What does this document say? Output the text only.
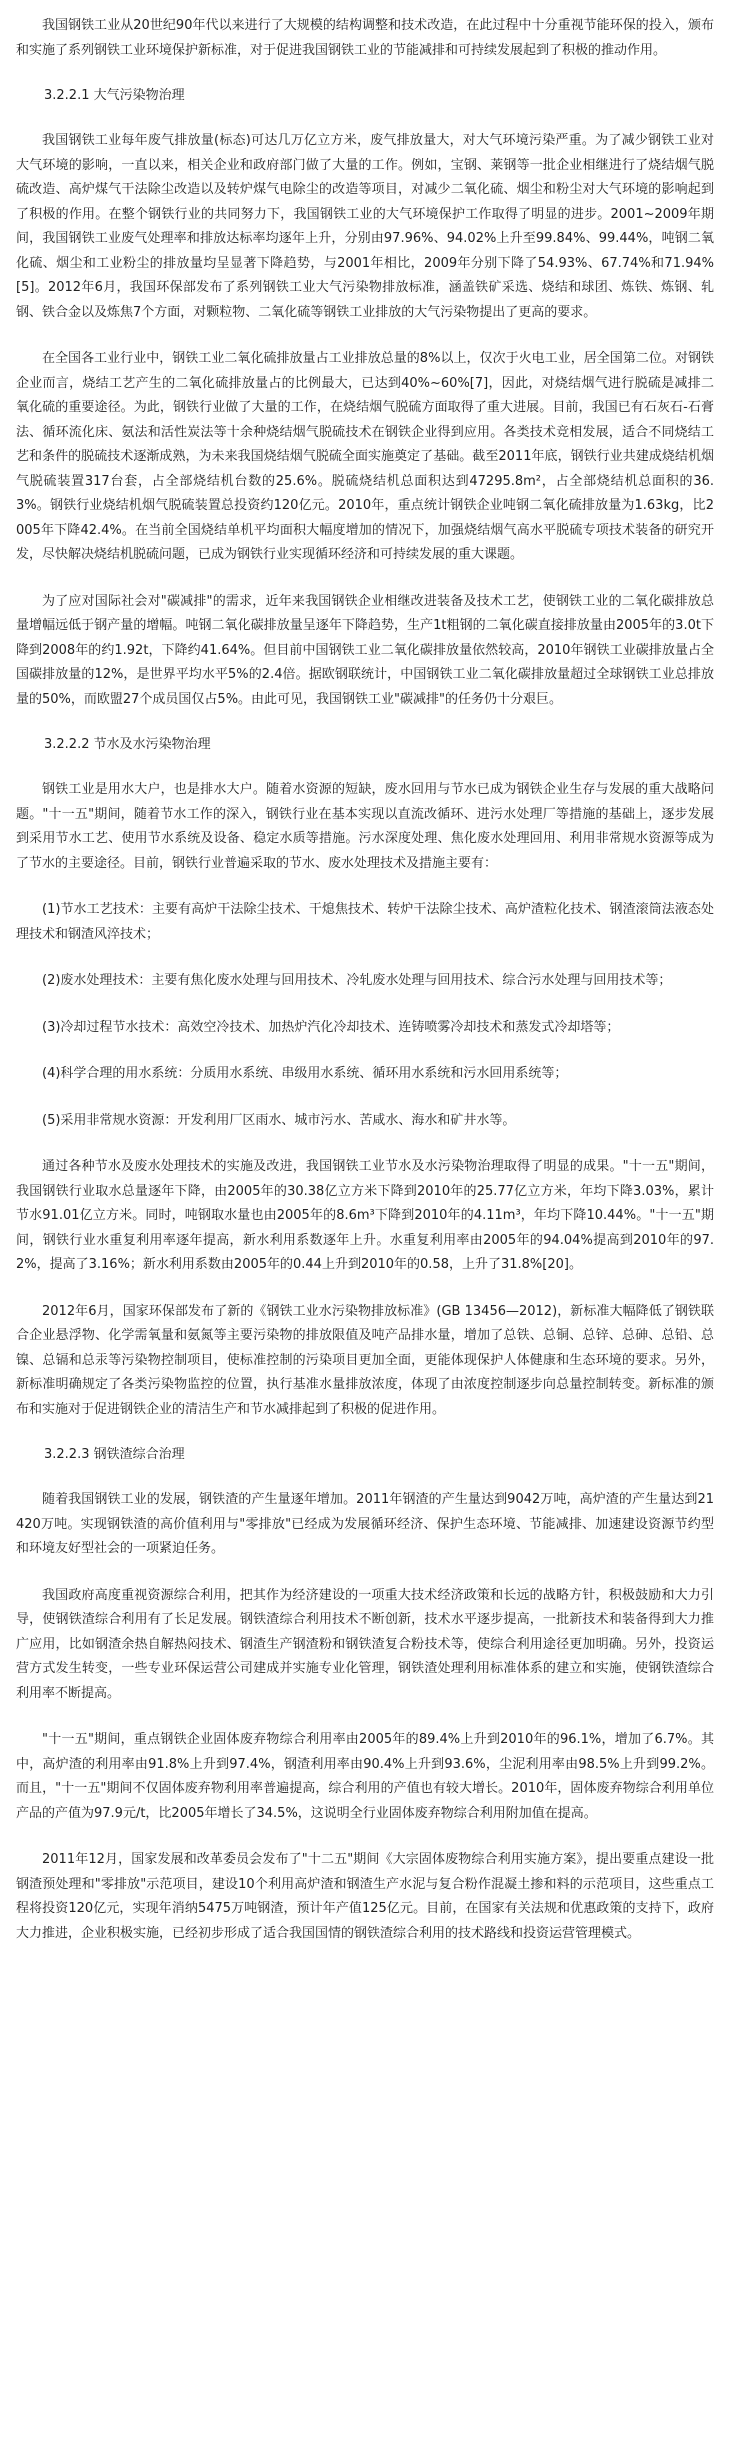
我国钢铁工业从20世纪90年代以来进行了大规模的结构调整和技术改造，在此过程中十分重视节能环保的投入，颁布和实施了系列钢铁工业环境保护新标准，对于促进我国钢铁工业的节能减排和可持续发展起到了积极的推动作用。

3.2.2.1 大气污染物治理

我国钢铁工业每年废气排放量(标态)可达几万亿立方米，废气排放量大，对大气环境污染严重。为了减少钢铁工业对大气环境的影响，一直以来，相关企业和政府部门做了大量的工作。例如，宝钢、莱钢等一批企业相继进行了烧结烟气脱硫改造、高炉煤气干法除尘改造以及转炉煤气电除尘的改造等项目，对减少二氧化硫、烟尘和粉尘对大气环境的影响起到了积极的作用。在整个钢铁行业的共同努力下，我国钢铁工业的大气环境保护工作取得了明显的进步。2001~2009年期间，我国钢铁工业废气处理率和排放达标率均逐年上升，分别由97.96%、94.02%上升至99.84%、99.44%，吨钢二氧化硫、烟尘和工业粉尘的排放量均呈显著下降趋势，与2001年相比，2009年分别下降了54.93%、67.74%和71.94%[5]。2012年6月，我国环保部发布了系列钢铁工业大气污染物排放标准，涵盖铁矿采选、烧结和球团、炼铁、炼钢、轧钢、铁合金以及炼焦7个方面，对颗粒物、二氧化硫等钢铁工业排放的大气污染物提出了更高的要求。

在全国各工业行业中，钢铁工业二氧化硫排放量占工业排放总量的8%以上，仅次于火电工业，居全国第二位。对钢铁企业而言，烧结工艺产生的二氧化硫排放量占的比例最大，已达到40%~60%[7]，因此，对烧结烟气进行脱硫是减排二氧化硫的重要途径。为此，钢铁行业做了大量的工作，在烧结烟气脱硫方面取得了重大进展。目前，我国已有石灰石-石膏法、循环流化床、氨法和活性炭法等十余种烧结烟气脱硫技术在钢铁企业得到应用。各类技术竞相发展，适合不同烧结工艺和条件的脱硫技术逐渐成熟，为未来我国烧结烟气脱硫全面实施奠定了基础。截至2011年底，钢铁行业共建成烧结机烟气脱硫装置317台套，占全部烧结机台数的25.6%。脱硫烧结机总面积达到47295.8m²，占全部烧结机总面积的36.3%。钢铁行业烧结机烟气脱硫装置总投资约120亿元。2010年，重点统计钢铁企业吨钢二氧化硫排放量为1.63kg，比2005年下降42.4%。在当前全国烧结单机平均面积大幅度增加的情况下，加强烧结烟气高水平脱硫专项技术装备的研究开发，尽快解决烧结机脱硫问题，已成为钢铁行业实现循环经济和可持续发展的重大课题。

为了应对国际社会对"碳减排"的需求，近年来我国钢铁企业相继改进装备及技术工艺，使钢铁工业的二氧化碳排放总量增幅远低于钢产量的增幅。吨钢二氧化碳排放量呈逐年下降趋势，生产1t粗钢的二氧化碳直接排放量由2005年的3.0t下降到2008年的约1.92t，下降约41.64%。但目前中国钢铁工业二氧化碳排放量依然较高，2010年钢铁工业碳排放量占全国碳排放量的12%，是世界平均水平5%的2.4倍。据欧钢联统计，中国钢铁工业二氧化碳排放量超过全球钢铁工业总排放量的50%，而欧盟27个成员国仅占5%。由此可见，我国钢铁工业"碳减排"的任务仍十分艰巨。

3.2.2.2 节水及水污染物治理

钢铁工业是用水大户，也是排水大户。随着水资源的短缺，废水回用与节水已成为钢铁企业生存与发展的重大战略问题。"十一五"期间，随着节水工作的深入，钢铁行业在基本实现以直流改循环、进污水处理厂等措施的基础上，逐步发展到采用节水工艺、使用节水系统及设备、稳定水质等措施。污水深度处理、焦化废水处理回用、利用非常规水资源等成为了节水的主要途径。目前，钢铁行业普遍采取的节水、废水处理技术及措施主要有：

(1)节水工艺技术：主要有高炉干法除尘技术、干熄焦技术、转炉干法除尘技术、高炉渣粒化技术、钢渣滚筒法液态处理技术和钢渣风淬技术；

(2)废水处理技术：主要有焦化废水处理与回用技术、冷轧废水处理与回用技术、综合污水处理与回用技术等；

(3)冷却过程节水技术：高效空冷技术、加热炉汽化冷却技术、连铸喷雾冷却技术和蒸发式冷却塔等；

(4)科学合理的用水系统：分质用水系统、串级用水系统、循环用水系统和污水回用系统等；

(5)采用非常规水资源：开发利用厂区雨水、城市污水、苦咸水、海水和矿井水等。

通过各种节水及废水处理技术的实施及改进，我国钢铁工业节水及水污染物治理取得了明显的成果。"十一五"期间，我国钢铁行业取水总量逐年下降，由2005年的30.38亿立方米下降到2010年的25.77亿立方米，年均下降3.03%，累计节水91.01亿立方米。同时，吨钢取水量也由2005年的8.6m³下降到2010年的4.11m³，年均下降10.44%。"十一五"期间，钢铁行业水重复利用率逐年提高，新水利用系数逐年上升。水重复利用率由2005年的94.04%提高到2010年的97.2%，提高了3.16%；新水利用系数由2005年的0.44上升到2010年的0.58，上升了31.8%[20]。

2012年6月，国家环保部发布了新的《钢铁工业水污染物排放标准》(GB 13456—2012)，新标准大幅降低了钢铁联合企业悬浮物、化学需氧量和氨氮等主要污染物的排放限值及吨产品排水量，增加了总铁、总铜、总锌、总砷、总铅、总镍、总镉和总汞等污染物控制项目，使标准控制的污染项目更加全面，更能体现保护人体健康和生态环境的要求。另外，新标准明确规定了各类污染物监控的位置，执行基准水量排放浓度，体现了由浓度控制逐步向总量控制转变。新标准的颁布和实施对于促进钢铁企业的清洁生产和节水减排起到了积极的促进作用。

3.2.2.3 钢铁渣综合治理

随着我国钢铁工业的发展，钢铁渣的产生量逐年增加。2011年钢渣的产生量达到9042万吨，高炉渣的产生量达到21420万吨。实现钢铁渣的高价值利用与"零排放"已经成为发展循环经济、保护生态环境、节能减排、加速建设资源节约型和环境友好型社会的一项紧迫任务。

我国政府高度重视资源综合利用，把其作为经济建设的一项重大技术经济政策和长远的战略方针，积极鼓励和大力引导，使钢铁渣综合利用有了长足发展。钢铁渣综合利用技术不断创新，技术水平逐步提高，一批新技术和装备得到大力推广应用，比如钢渣余热自解热闷技术、钢渣生产钢渣粉和钢铁渣复合粉技术等，使综合利用途径更加明确。另外，投资运营方式发生转变，一些专业环保运营公司建成并实施专业化管理，钢铁渣处理利用标准体系的建立和实施，使钢铁渣综合利用率不断提高。

"十一五"期间，重点钢铁企业固体废弃物综合利用率由2005年的89.4%上升到2010年的96.1%，增加了6.7%。其中，高炉渣的利用率由91.8%上升到97.4%，钢渣利用率由90.4%上升到93.6%，尘泥利用率由98.5%上升到99.2%。而且，"十一五"期间不仅固体废弃物利用率普遍提高，综合利用的产值也有较大增长。2010年，固体废弃物综合利用单位产品的产值为97.9元/t，比2005年增长了34.5%，这说明全行业固体废弃物综合利用附加值在提高。

2011年12月，国家发展和改革委员会发布了"十二五"期间《大宗固体废物综合利用实施方案》，提出要重点建设一批钢渣预处理和"零排放"示范项目，建设10个利用高炉渣和钢渣生产水泥与复合粉作混凝土掺和料的示范项目，这些重点工程将投资120亿元，实现年消纳5475万吨钢渣，预计年产值125亿元。目前，在国家有关法规和优惠政策的支持下，政府大力推进，企业积极实施，已经初步形成了适合我国国情的钢铁渣综合利用的技术路线和投资运营管理模式。
